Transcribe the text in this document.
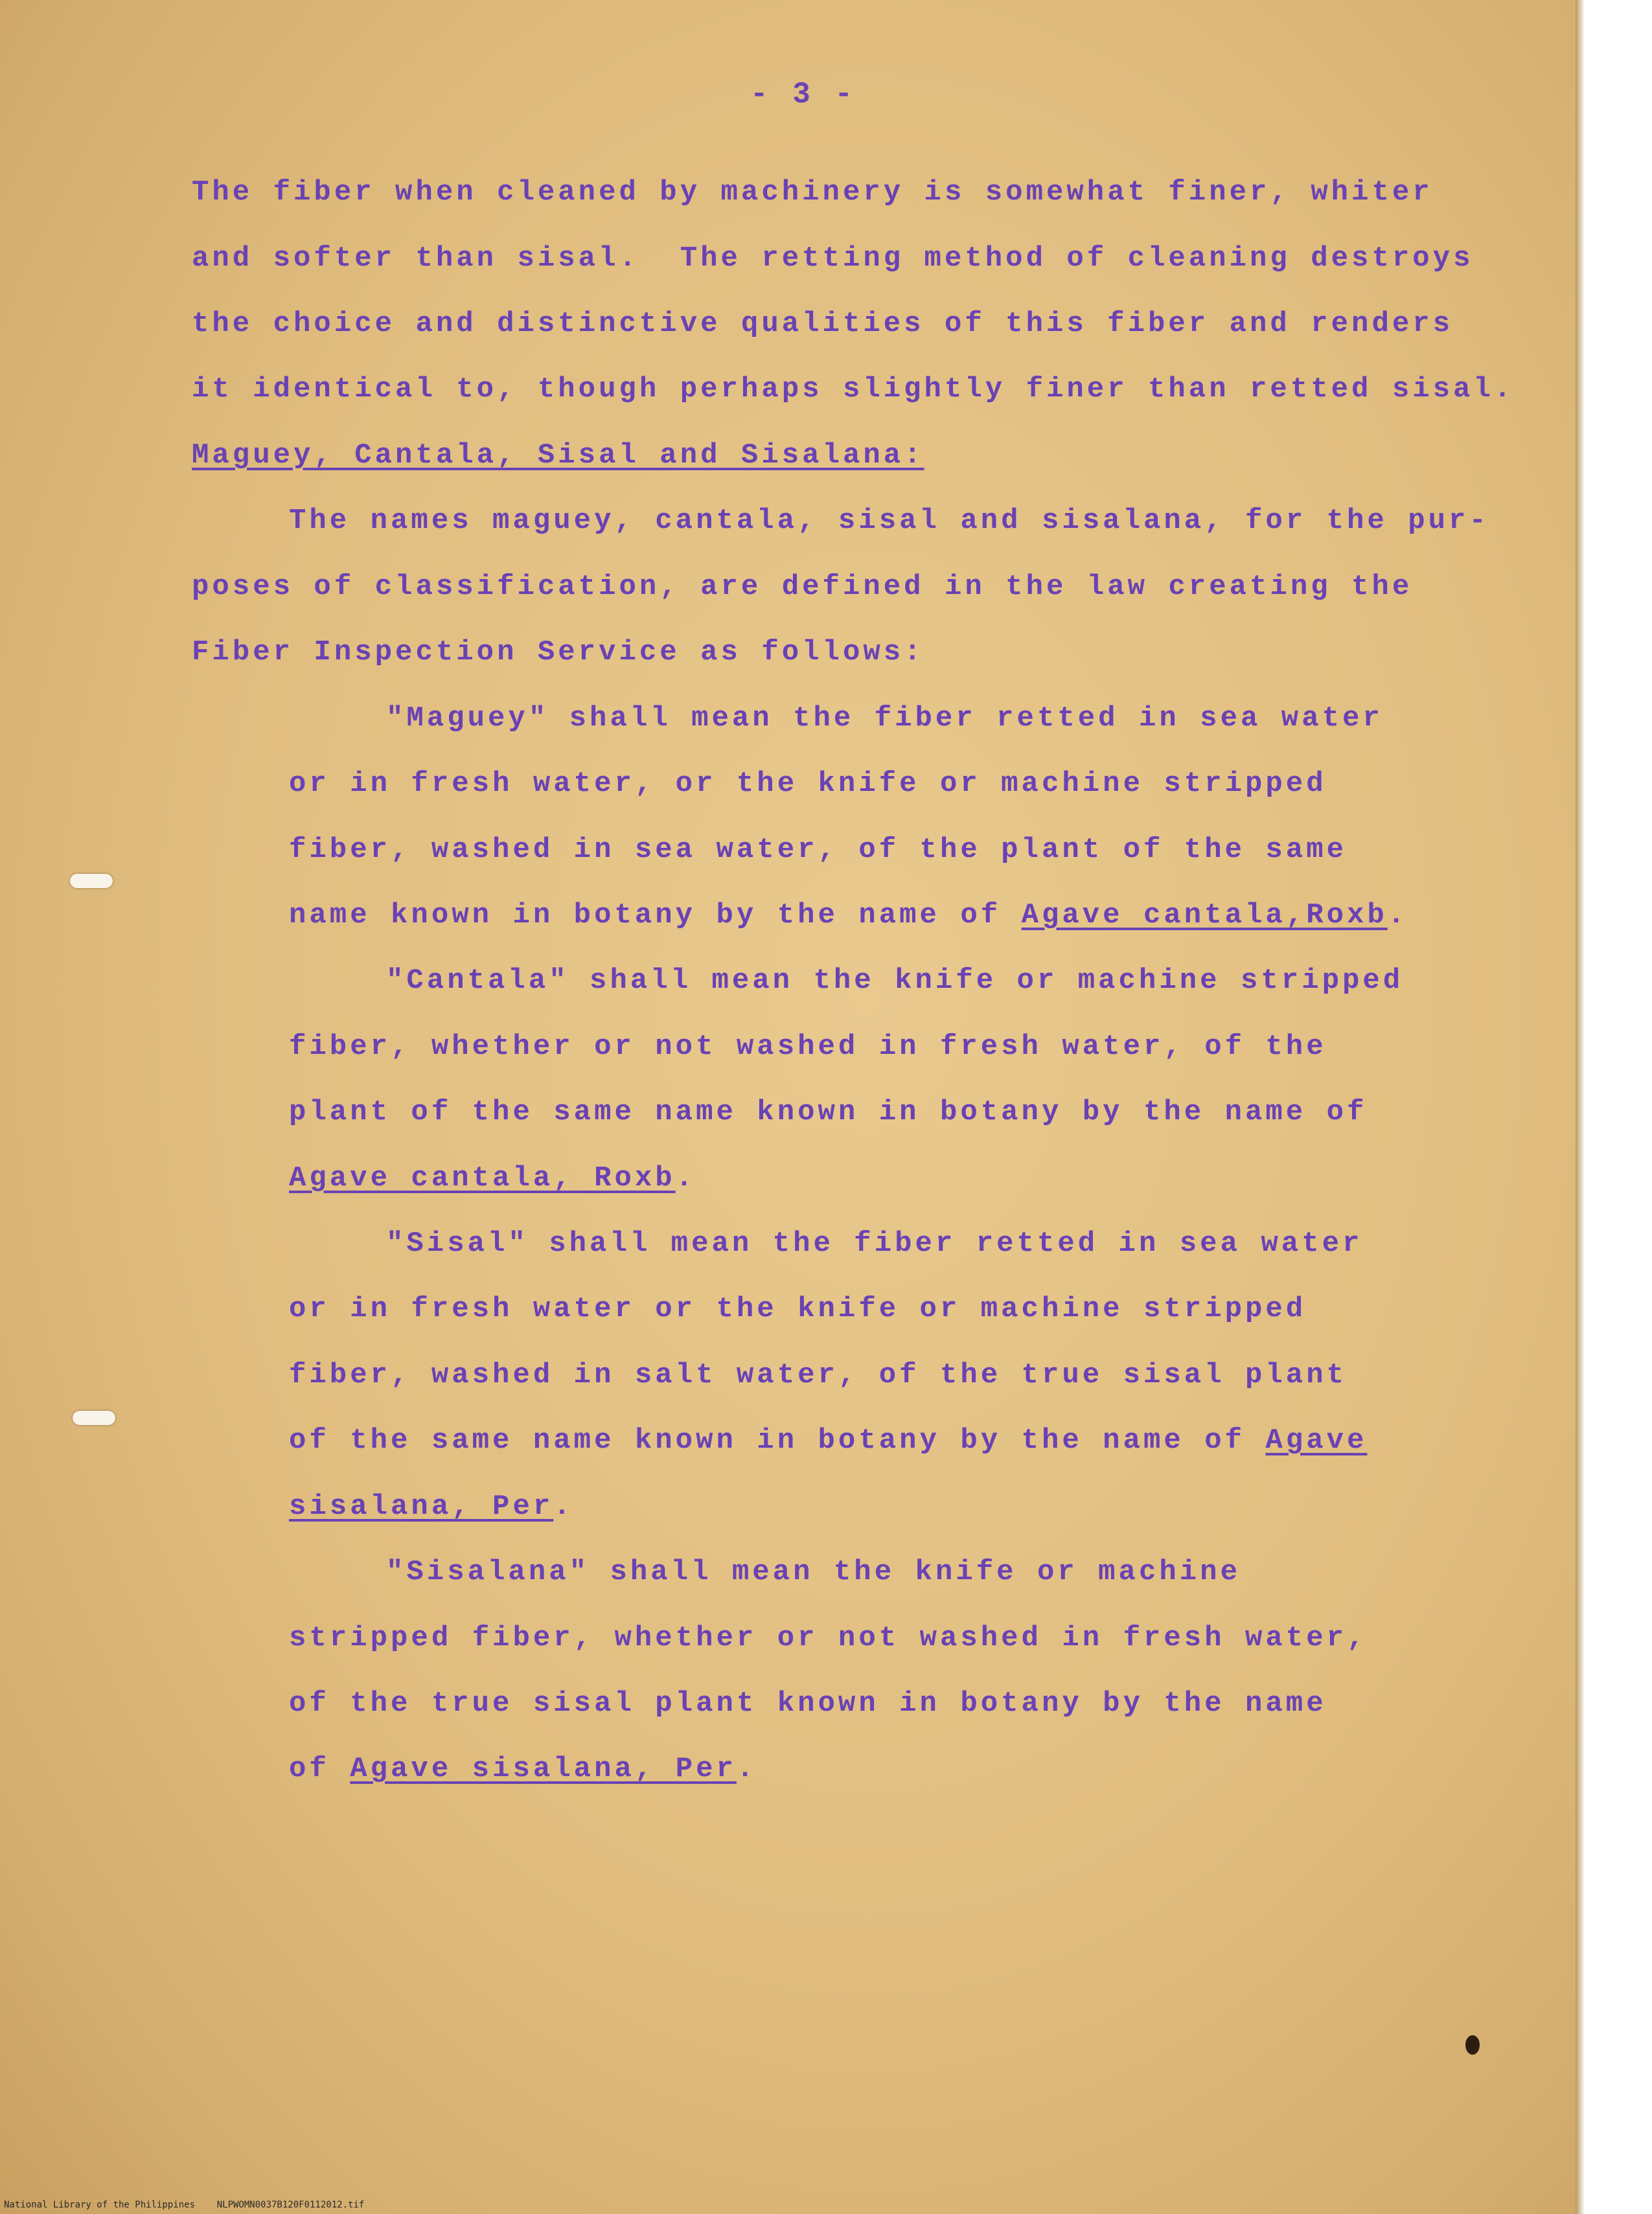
- 3 -

The fiber when cleaned by machinery is somewhat finer, whiter

and softer than sisal.  The retting method of cleaning destroys

the choice and distinctive qualities of this fiber and renders

it identical to, though perhaps slightly finer than retted sisal.

Maguey, Cantala, Sisal and Sisalana:

The names maguey, cantala, sisal and sisalana, for the pur-

poses of classification, are defined in the law creating the

Fiber Inspection Service as follows:

"Maguey" shall mean the fiber retted in sea water

or in fresh water, or the knife or machine stripped

fiber, washed in sea water, of the plant of the same

name known in botany by the name of Agave cantala,Roxb.

"Cantala" shall mean the knife or machine stripped

fiber, whether or not washed in fresh water, of the

plant of the same name known in botany by the name of

Agave cantala, Roxb.

"Sisal" shall mean the fiber retted in sea water

or in fresh water or the knife or machine stripped

fiber, washed in salt water, of the true sisal plant

of the same name known in botany by the name of Agave

sisalana, Per.

"Sisalana" shall mean the knife or machine

stripped fiber, whether or not washed in fresh water,

of the true sisal plant known in botany by the name

of Agave sisalana, Per.

National Library of the Philippines    NLPWOMN0037B120F0112012.tif
